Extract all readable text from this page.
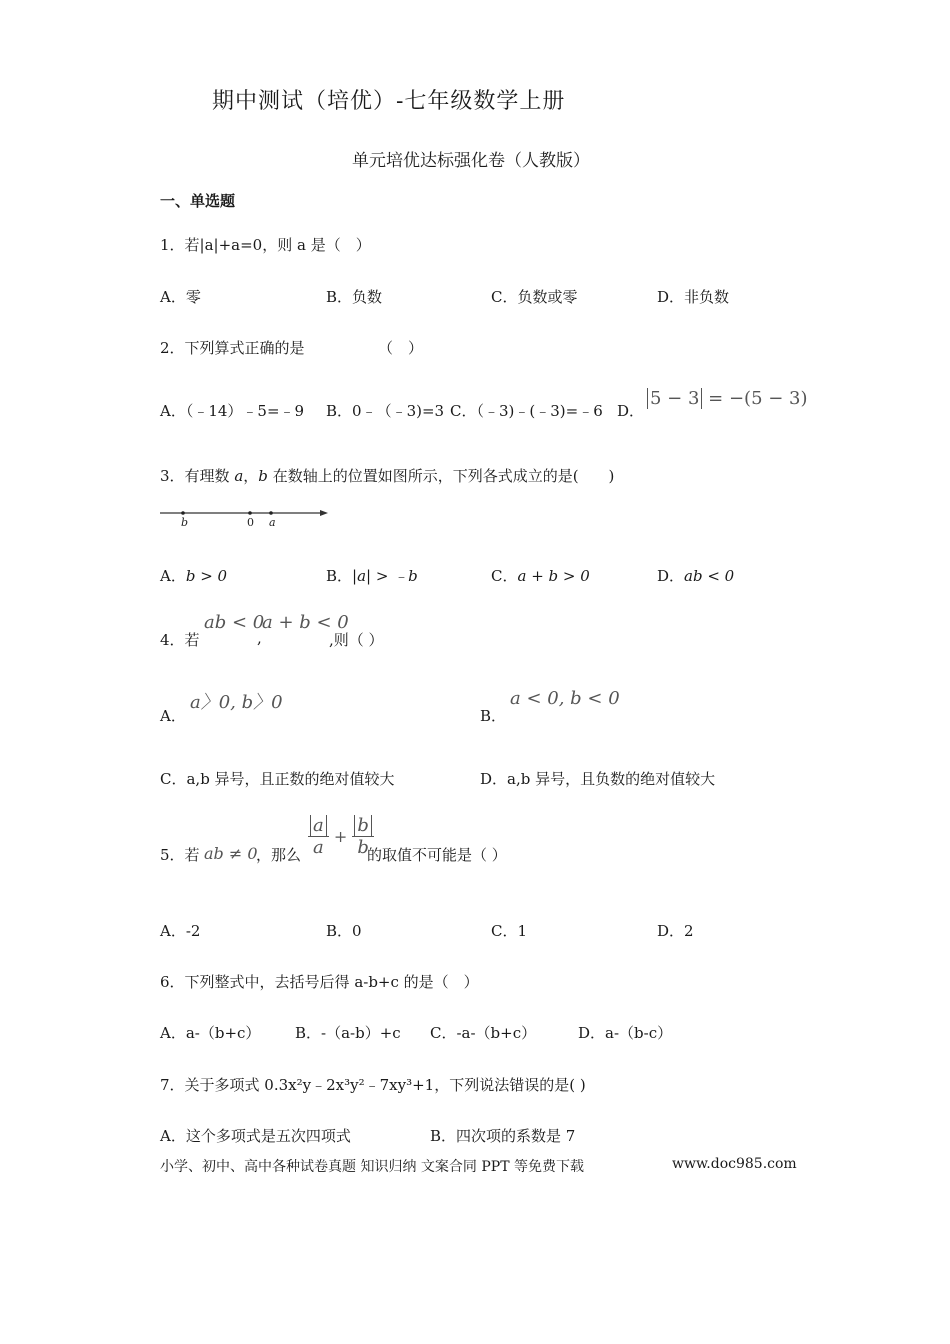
期中测试（培优）-七年级数学上册
单元培优达标强化卷（人教版）
一、单选题
1．若|a|+a=0，则 a 是（　）
A．零	B．负数	C．负数或零	D．非负数
2．下列算式正确的是	（　）
A．（﹣14）﹣5=﹣9 B．0﹣（﹣3)=3 C．（﹣3)﹣(﹣3)=﹣6 D．
5 − 3 = −(5 − 3)
3．有理数 a，b 在数轴上的位置如图所示，下列各式成立的是(　　)
b	0 a
A．b > 0	B．|a| > ﹣b	C．a + b > 0	D．ab < 0
4．若
ab < 0
,
a + b < 0
,则（ ）
A．
a〉0, b〉0
B．
a < 0, b < 0
C．a,b 异号，且正数的绝对值较大	D．a,b 异号，且负数的绝对值较大
5．若 ab ≠ 0
，那么 $\frac{a}{a} + \frac{b}{b}$
的取值不可能是（ ）
A．-2	B．0	C．1	D．2
6．下列整式中，去括号后得 a-b+c 的是（　）
A．a-（b+c） B．-（a-b）+c C．-a-（b+c）	D．a-（b-c）
7．关于多项式 0.3x²y﹣2x³y²﹣7xy³+1，下列说法错误的是( )
A．这个多项式是五次四项式	B．四次项的系数是 7
小学、初中、高中各种试卷真题 知识归纳 文案合同 PPT 等免费下载	www.doc985.com
